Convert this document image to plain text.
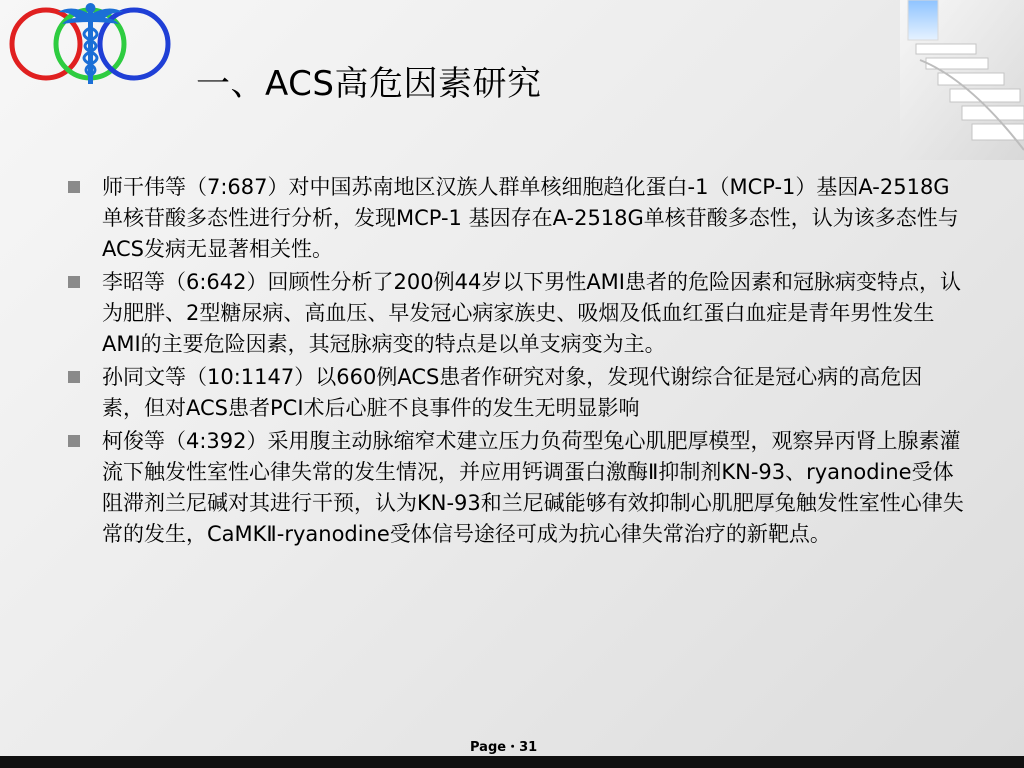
一、ACS高危因素研究
师干伟等（7:687）对中国苏南地区汉族人群单核细胞趋化蛋白-1（MCP-1）基因A-2518G单核苷酸多态性进行分析，发现MCP-1 基因存在A-2518G单核苷酸多态性，认为该多态性与ACS发病无显著相关性。
李昭等（6:642）回顾性分析了200例44岁以下男性AMI患者的危险因素和冠脉病变特点，认为肥胖、2型糖尿病、高血压、早发冠心病家族史、吸烟及低血红蛋白血症是青年男性发生AMI的主要危险因素，其冠脉病变的特点是以单支病变为主。
孙同文等（10:1147）以660例ACS患者作研究对象，发现代谢综合征是冠心病的高危因素，但对ACS患者PCI术后心脏不良事件的发生无明显影响
柯俊等（4:392）采用腹主动脉缩窄术建立压力负荷型兔心肌肥厚模型，观察异丙肾上腺素灌流下触发性室性心律失常的发生情况，并应用钙调蛋白激酶Ⅱ抑制剂KN-93、ryanodine受体阻滞剂兰尼碱对其进行干预，认为KN-93和兰尼碱能够有效抑制心肌肥厚兔触发性室性心律失常的发生，CaMKⅡ-ryanodine受体信号途径可成为抗心律失常治疗的新靶点。
Page・31
